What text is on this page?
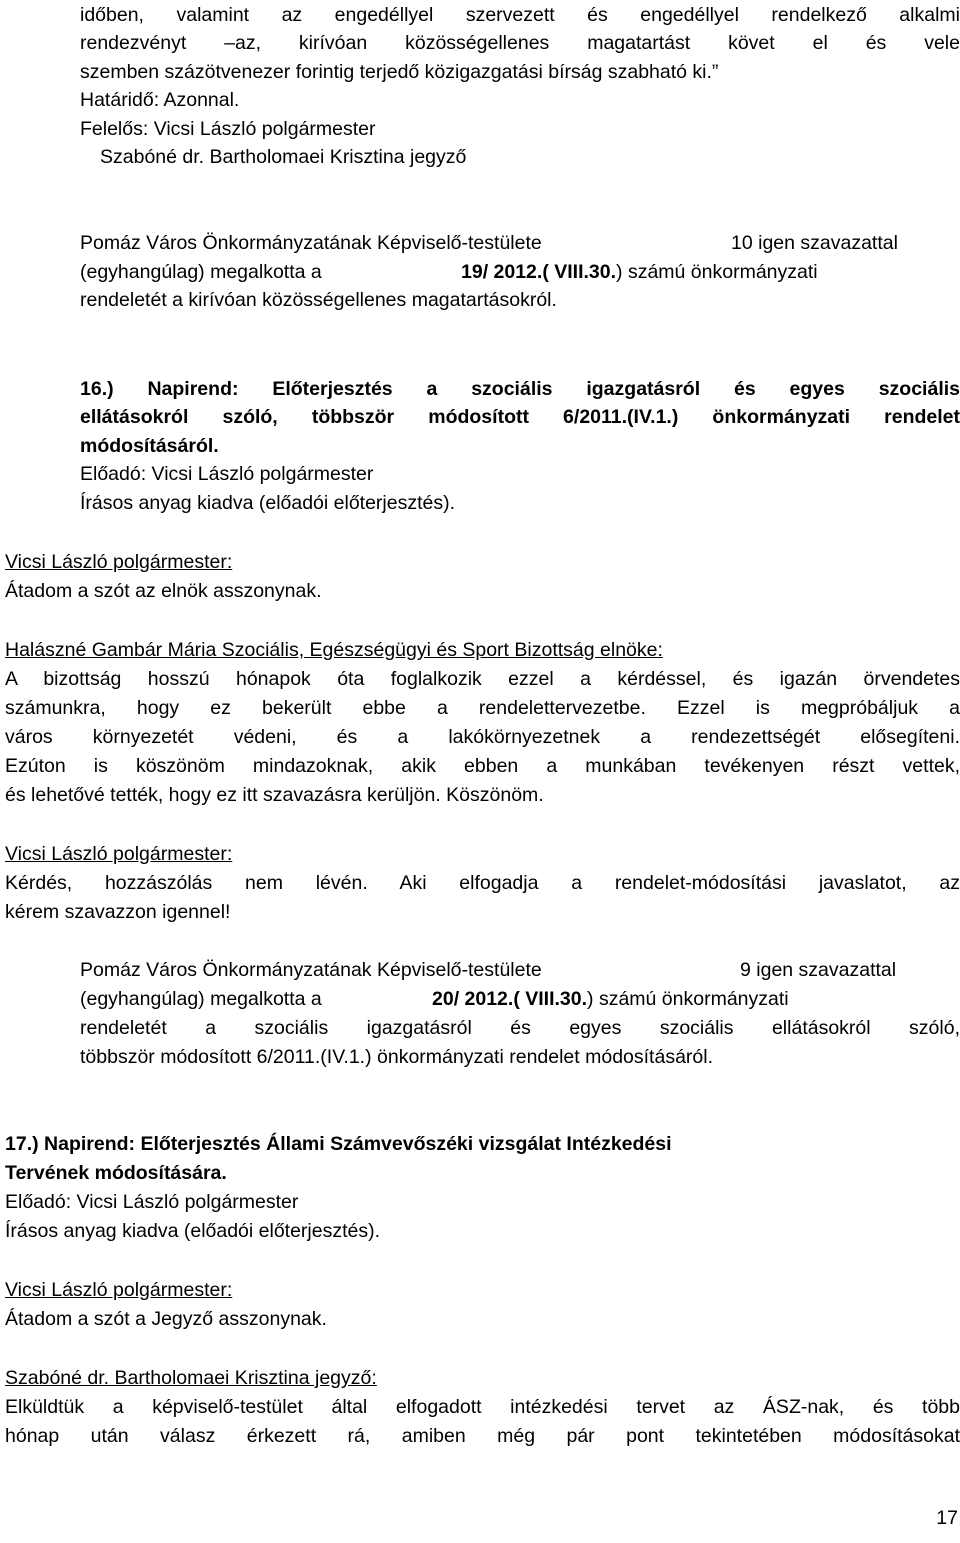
időben, valamint az engedéllyel szervezett és engedéllyel rendelkező alkalmi
rendezvényt –az, kirívóan közösségellenes magatartást követ el és vele
szemben százötvenezer forintig terjedő közigazgatási bírság szabható ki.”
Határidő: Azonnal.
Felelős: Vicsi László polgármester
Szabóné dr. Bartholomaei Krisztina jegyző
Pomáz Város Önkormányzatának Képviselő-testülete	10 igen szavazattal
(egyhangúlag) megalkotta a	19/ 2012.( VIII.30.) számú önkormányzati
rendeletét a kirívóan közösségellenes magatartásokról.
16.) Napirend: Előterjesztés a szociális igazgatásról és egyes szociális
ellátásokról szóló, többször módosított 6/2011.(IV.1.) önkormányzati rendelet
módosításáról.
Előadó: Vicsi László polgármester
Írásos anyag kiadva (előadói előterjesztés).
Vicsi László polgármester:
Átadom a szót az elnök asszonynak.
Halászné Gambár Mária Szociális, Egészségügyi és Sport Bizottság elnöke:
A bizottság hosszú hónapok óta foglalkozik ezzel a kérdéssel, és igazán örvendetes
számunkra, hogy ez bekerült ebbe a rendelettervezetbe. Ezzel is megpróbáljuk a
város környezetét védeni, és a lakókörnyezetnek a rendezettségét elősegíteni.
Ezúton is köszönöm mindazoknak, akik ebben a munkában tevékenyen részt vettek,
és lehetővé tették, hogy ez itt szavazásra kerüljön. Köszönöm.
Vicsi László polgármester:
Kérdés, hozzászólás nem lévén. Aki elfogadja a rendelet-módosítási javaslatot, az
kérem szavazzon igennel!
Pomáz Város Önkormányzatának Képviselő-testülete	9 igen szavazattal
(egyhangúlag) megalkotta a	20/ 2012.( VIII.30.) számú önkormányzati
rendeletét a szociális igazgatásról és egyes szociális ellátásokról szóló,
többször módosított 6/2011.(IV.1.) önkormányzati rendelet módosításáról.
17.) Napirend: Előterjesztés Állami Számvevőszéki vizsgálat Intézkedési
Tervének módosítására.
Előadó: Vicsi László polgármester
Írásos anyag kiadva (előadói előterjesztés).
Vicsi László polgármester:
Átadom a szót a Jegyző asszonynak.
Szabóné dr. Bartholomaei Krisztina jegyző:
Elküldtük a képviselő-testület által elfogadott intézkedési tervet az ÁSZ-nak, és több
hónap után válasz érkezett rá, amiben még pár pont tekintetében módosításokat
17
